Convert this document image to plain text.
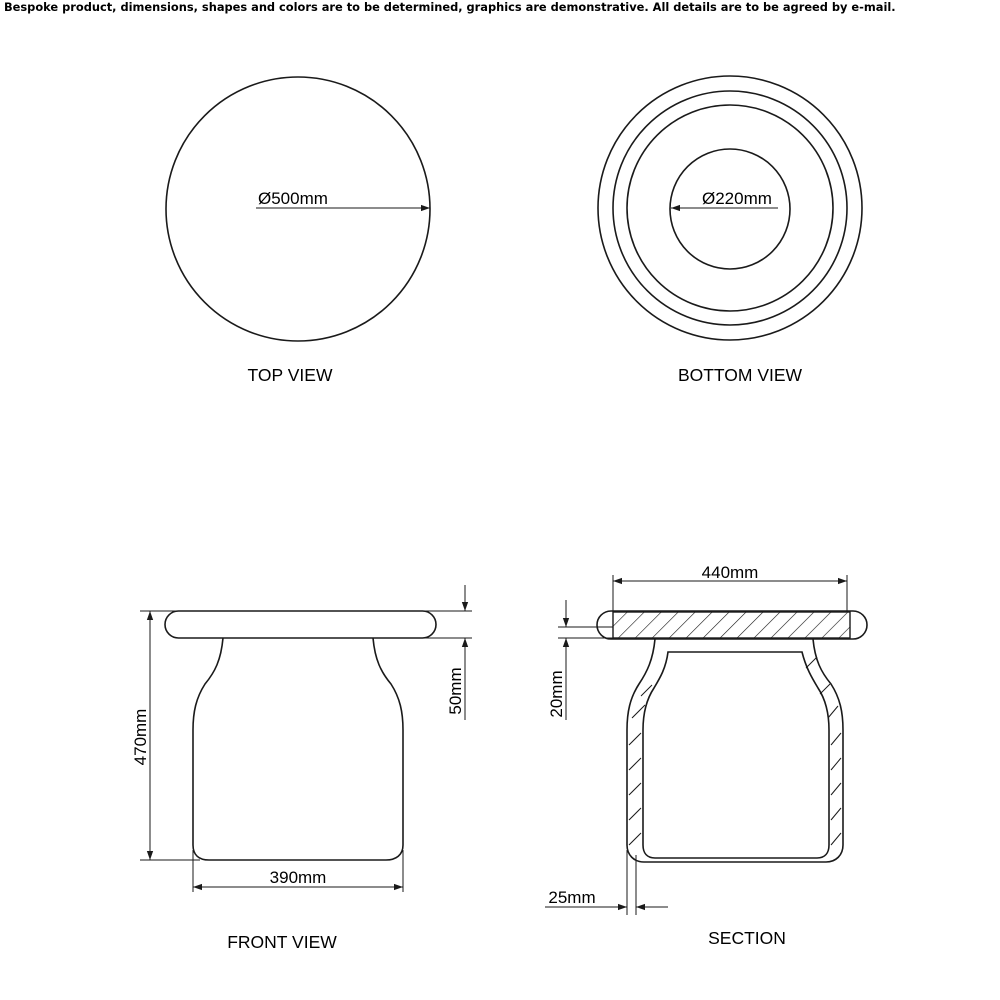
Bespoke product, dimensions, shapes and colors are to be determined, graphics are demonstrative. All details are to be agreed by e-mail.
Ø500mm
TOP VIEW
Ø220mm
BOTTOM VIEW
470mm
50mm
390mm
FRONT VIEW
440mm
20mm
25mm
SECTION
